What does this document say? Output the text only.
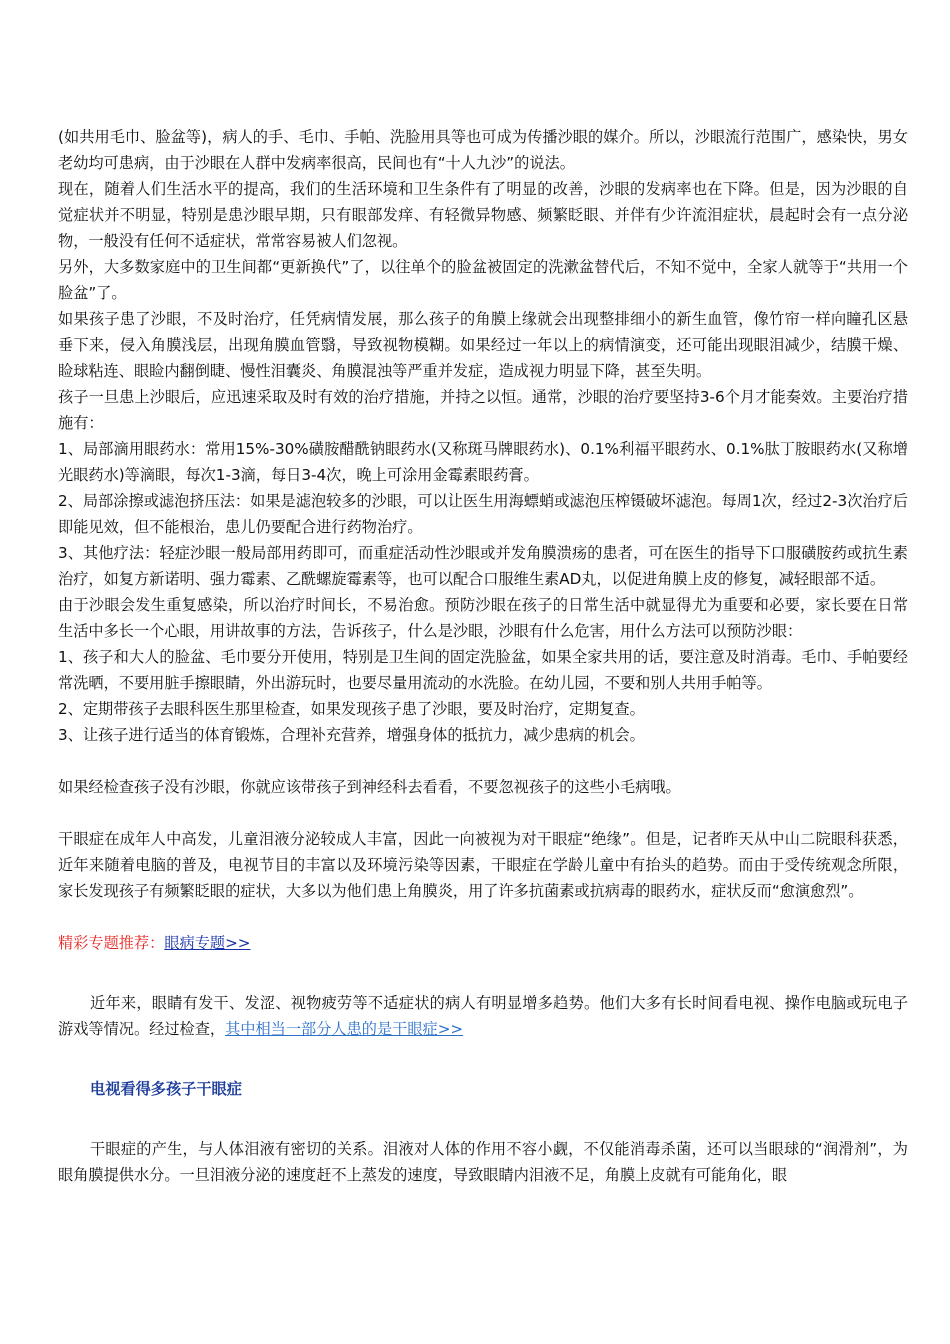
(如共用毛巾、脸盆等)，病人的手、毛巾、手帕、洗脸用具等也可成为传播沙眼的媒介。所以，沙眼流行范围广，感染快，男女老幼均可患病，由于沙眼在人群中发病率很高，民间也有“十人九沙”的说法。

现在，随着人们生活水平的提高，我们的生活环境和卫生条件有了明显的改善，沙眼的发病率也在下降。但是，因为沙眼的自觉症状并不明显，特别是患沙眼早期，只有眼部发痒、有轻微异物感、频繁眨眼、并伴有少许流泪症状，晨起时会有一点分泌物，一般没有任何不适症状，常常容易被人们忽视。

另外，大多数家庭中的卫生间都“更新换代”了，以往单个的脸盆被固定的洗漱盆替代后，不知不觉中，全家人就等于“共用一个脸盆”了。

如果孩子患了沙眼，不及时治疗，任凭病情发展，那么孩子的角膜上缘就会出现整排细小的新生血管，像竹帘一样向瞳孔区悬垂下来，侵入角膜浅层，出现角膜血管翳，导致视物模糊。如果经过一年以上的病情演变，还可能出现眼泪减少，结膜干燥、睑球粘连、眼睑内翻倒睫、慢性泪囊炎、角膜混浊等严重并发症，造成视力明显下降，甚至失明。

孩子一旦患上沙眼后，应迅速采取及时有效的治疗措施，并持之以恒。通常，沙眼的治疗要坚持3-6个月才能奏效。主要治疗措施有：

1、局部滴用眼药水：常用15%-30%磺胺醋酰钠眼药水(又称斑马牌眼药水)、0.1%利福平眼药水、0.1%肽丁胺眼药水(又称增光眼药水)等滴眼，每次1-3滴，每日3-4次，晚上可涂用金霉素眼药膏。

2、局部涂擦或滤泡挤压法：如果是滤泡较多的沙眼，可以让医生用海螵蛸或滤泡压榨镊破坏滤泡。每周1次，经过2-3次治疗后即能见效，但不能根治，患儿仍要配合进行药物治疗。

3、其他疗法：轻症沙眼一般局部用药即可，而重症活动性沙眼或并发角膜溃疡的患者，可在医生的指导下口服磺胺药或抗生素治疗，如复方新诺明、强力霉素、乙酰螺旋霉素等，也可以配合口服维生素AD丸，以促进角膜上皮的修复，减轻眼部不适。

由于沙眼会发生重复感染，所以治疗时间长，不易治愈。预防沙眼在孩子的日常生活中就显得尤为重要和必要，家长要在日常生活中多长一个心眼，用讲故事的方法，告诉孩子，什么是沙眼，沙眼有什么危害，用什么方法可以预防沙眼：

1、孩子和大人的脸盆、毛巾要分开使用，特别是卫生间的固定洗脸盆，如果全家共用的话，要注意及时消毒。毛巾、手帕要经常洗晒，不要用脏手擦眼睛，外出游玩时，也要尽量用流动的水洗脸。在幼儿园，不要和别人共用手帕等。

2、定期带孩子去眼科医生那里检查，如果发现孩子患了沙眼，要及时治疗，定期复查。

3、让孩子进行适当的体育锻炼，合理补充营养，增强身体的抵抗力，减少患病的机会。

如果经检查孩子没有沙眼，你就应该带孩子到神经科去看看，不要忽视孩子的这些小毛病哦。

干眼症在成年人中高发，儿童泪液分泌较成人丰富，因此一向被视为对干眼症“绝缘”。但是，记者昨天从中山二院眼科获悉，近年来随着电脑的普及，电视节目的丰富以及环境污染等因素，干眼症在学龄儿童中有抬头的趋势。而由于受传统观念所限，家长发现孩子有频繁眨眼的症状，大多以为他们患上角膜炎，用了许多抗菌素或抗病毒的眼药水，症状反而“愈演愈烈”。

精彩专题推荐：眼病专题>>

近年来，眼睛有发干、发涩、视物疲劳等不适症状的病人有明显增多趋势。他们大多有长时间看电视、操作电脑或玩电子游戏等情况。经过检查，其中相当一部分人患的是干眼症>>

电视看得多孩子干眼症

干眼症的产生，与人体泪液有密切的关系。泪液对人体的作用不容小觑，不仅能消毒杀菌，还可以当眼球的“润滑剂”，为眼角膜提供水分。一旦泪液分泌的速度赶不上蒸发的速度，导致眼睛内泪液不足，角膜上皮就有可能角化，眼
